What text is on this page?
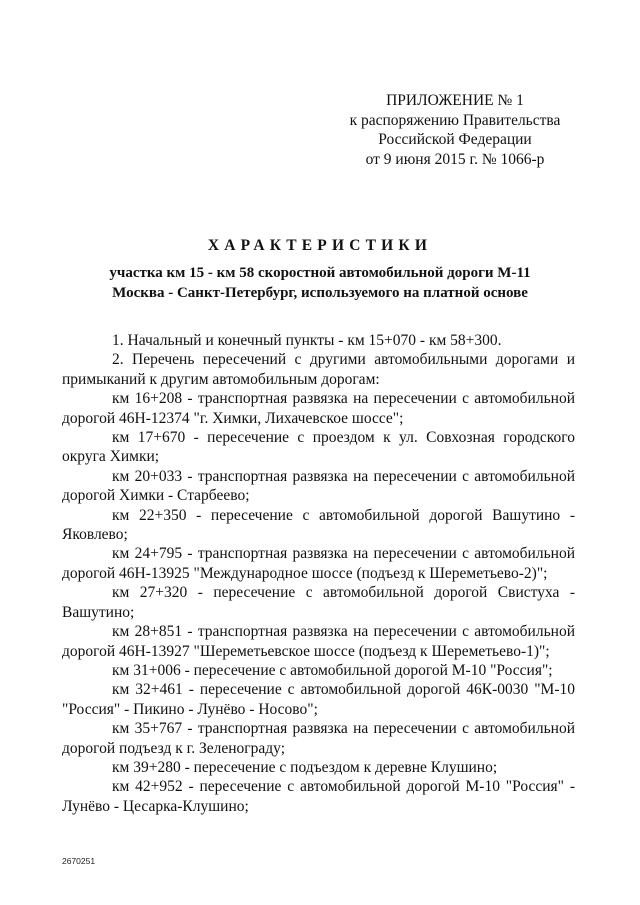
ПРИЛОЖЕНИЕ № 1
к распоряжению Правительства
Российской Федерации
от 9 июня 2015 г. № 1066-р
ХАРАКТЕРИСТИКИ
участка км 15 - км 58 скоростной автомобильной дороги М-11
Москва - Санкт-Петербург, используемого на платной основе
1. Начальный и конечный пункты - км 15+070 - км 58+300.
2. Перечень пересечений с другими автомобильными дорогами и
примыканий к другим автомобильным дорогам:
км 16+208 - транспортная развязка на пересечении с автомобильной
дорогой 46Н-12374 "г. Химки, Лихачевское шоссе";
км 17+670 - пересечение с проездом к ул. Совхозная городского
округа Химки;
км 20+033 - транспортная развязка на пересечении с автомобильной
дорогой Химки - Старбеево;
км 22+350 - пересечение с автомобильной дорогой Вашутино -
Яковлево;
км 24+795 - транспортная развязка на пересечении с автомобильной
дорогой 46Н-13925 "Международное шоссе (подъезд к Шереметьево-2)";
км 27+320 - пересечение с автомобильной дорогой Свистуха -
Вашутино;
км 28+851 - транспортная развязка на пересечении с автомобильной
дорогой 46Н-13927 "Шереметьевское шоссе (подъезд к Шереметьево-1)";
км 31+006 - пересечение с автомобильной дорогой М-10 "Россия";
км 32+461 - пересечение с автомобильной дорогой 46К-0030 "М-10
"Россия" - Пикино - Лунёво - Носово";
км 35+767 - транспортная развязка на пересечении с автомобильной
дорогой подъезд к г. Зеленограду;
км 39+280 - пересечение с подъездом к деревне Клушино;
км 42+952 - пересечение с автомобильной дорогой М-10 "Россия" -
Лунёво - Цесарка-Клушино;
2670251
